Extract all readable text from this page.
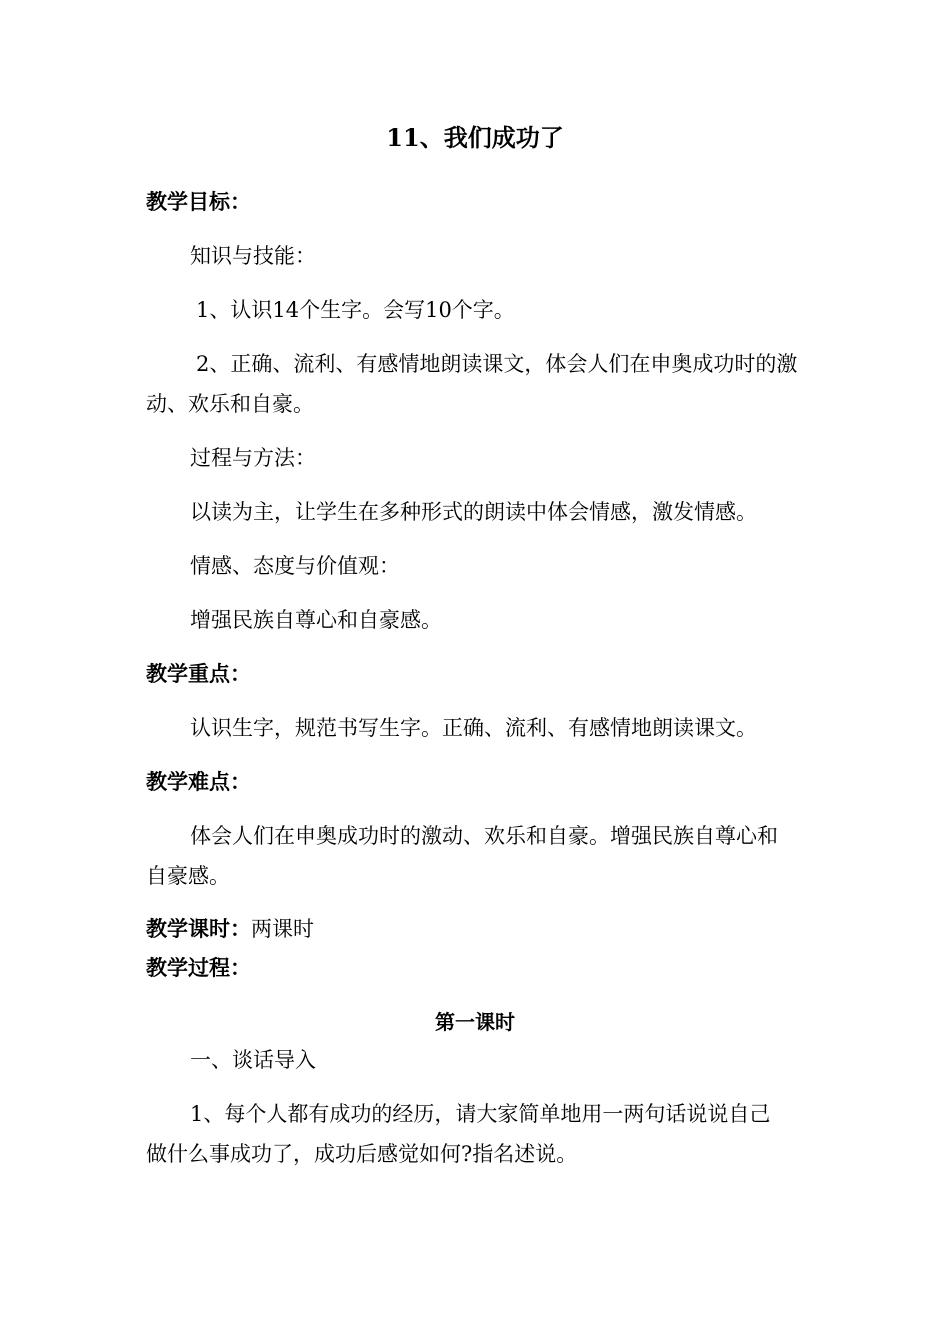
11、我们成功了
教学目标：
知识与技能：
1、认识14个生字。会写10个字。
2、正确、流利、有感情地朗读课文，体会人们在申奥成功时的激
动、欢乐和自豪。
过程与方法：
以读为主，让学生在多种形式的朗读中体会情感，激发情感。
情感、态度与价值观：
增强民族自尊心和自豪感。
教学重点：
认识生字，规范书写生字。正确、流利、有感情地朗读课文。
教学难点：
体会人们在申奥成功时的激动、欢乐和自豪。增强民族自尊心和
自豪感。
教学课时：两课时
教学过程：
第一课时
一、谈话导入
1、每个人都有成功的经历，请大家简单地用一两句话说说自己
做什么事成功了，成功后感觉如何?指名述说。
